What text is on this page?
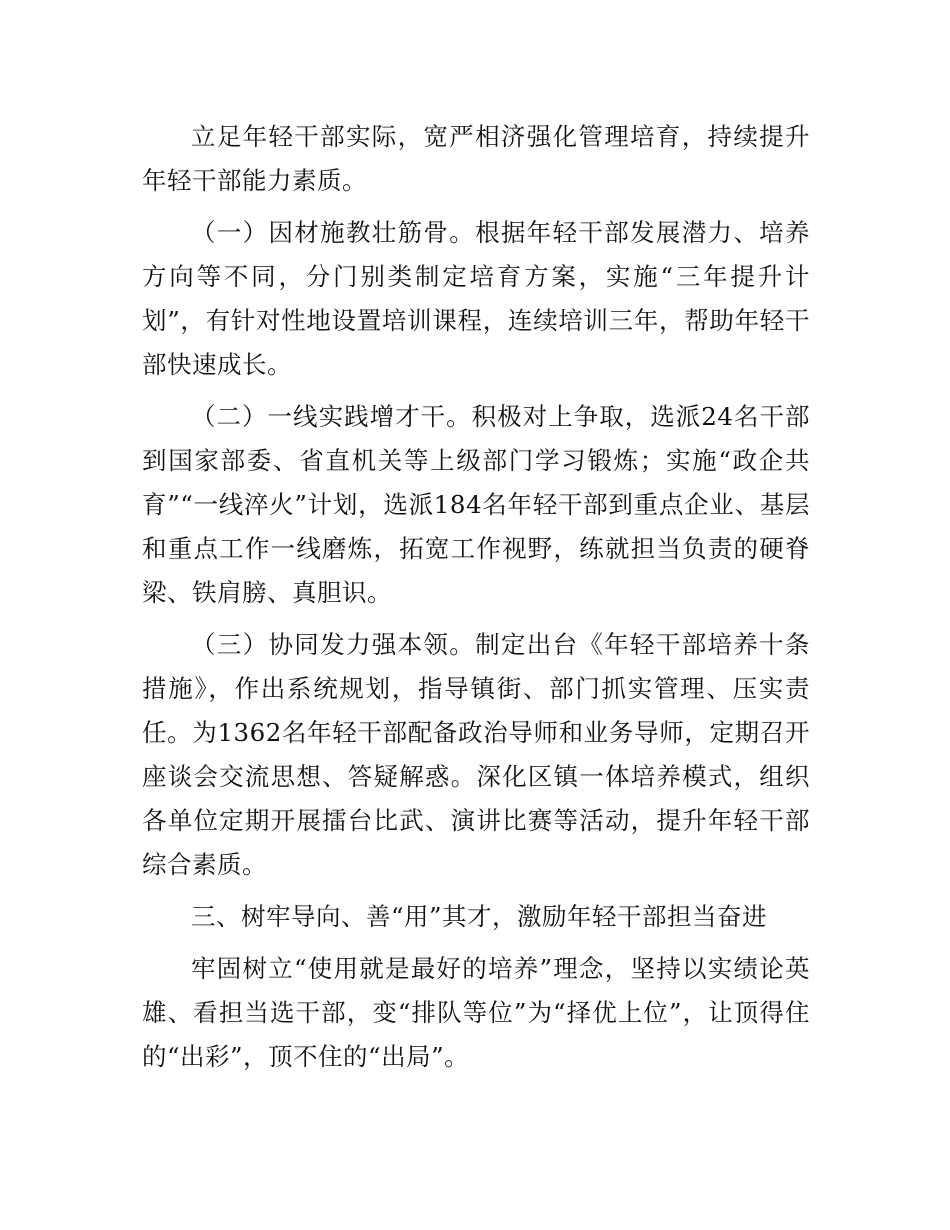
立足年轻干部实际，宽严相济强化管理培育，持续提升年轻干部能力素质。

（一）因材施教壮筋骨。根据年轻干部发展潜力、培养方向等不同，分门别类制定培育方案，实施“三年提升计划”，有针对性地设置培训课程，连续培训三年，帮助年轻干部快速成长。

（二）一线实践增才干。积极对上争取，选派24名干部到国家部委、省直机关等上级部门学习锻炼；实施“政企共育”“一线淬火”计划，选派184名年轻干部到重点企业、基层和重点工作一线磨炼，拓宽工作视野，练就担当负责的硬脊梁、铁肩膀、真胆识。

（三）协同发力强本领。制定出台《年轻干部培养十条措施》，作出系统规划，指导镇街、部门抓实管理、压实责任。为1362名年轻干部配备政治导师和业务导师，定期召开座谈会交流思想、答疑解惑。深化区镇一体培养模式，组织各单位定期开展擂台比武、演讲比赛等活动，提升年轻干部综合素质。

三、树牢导向、善“用”其才，激励年轻干部担当奋进

牢固树立“使用就是最好的培养”理念，坚持以实绩论英雄、看担当选干部，变“排队等位”为“择优上位”，让顶得住的“出彩”，顶不住的“出局”。
